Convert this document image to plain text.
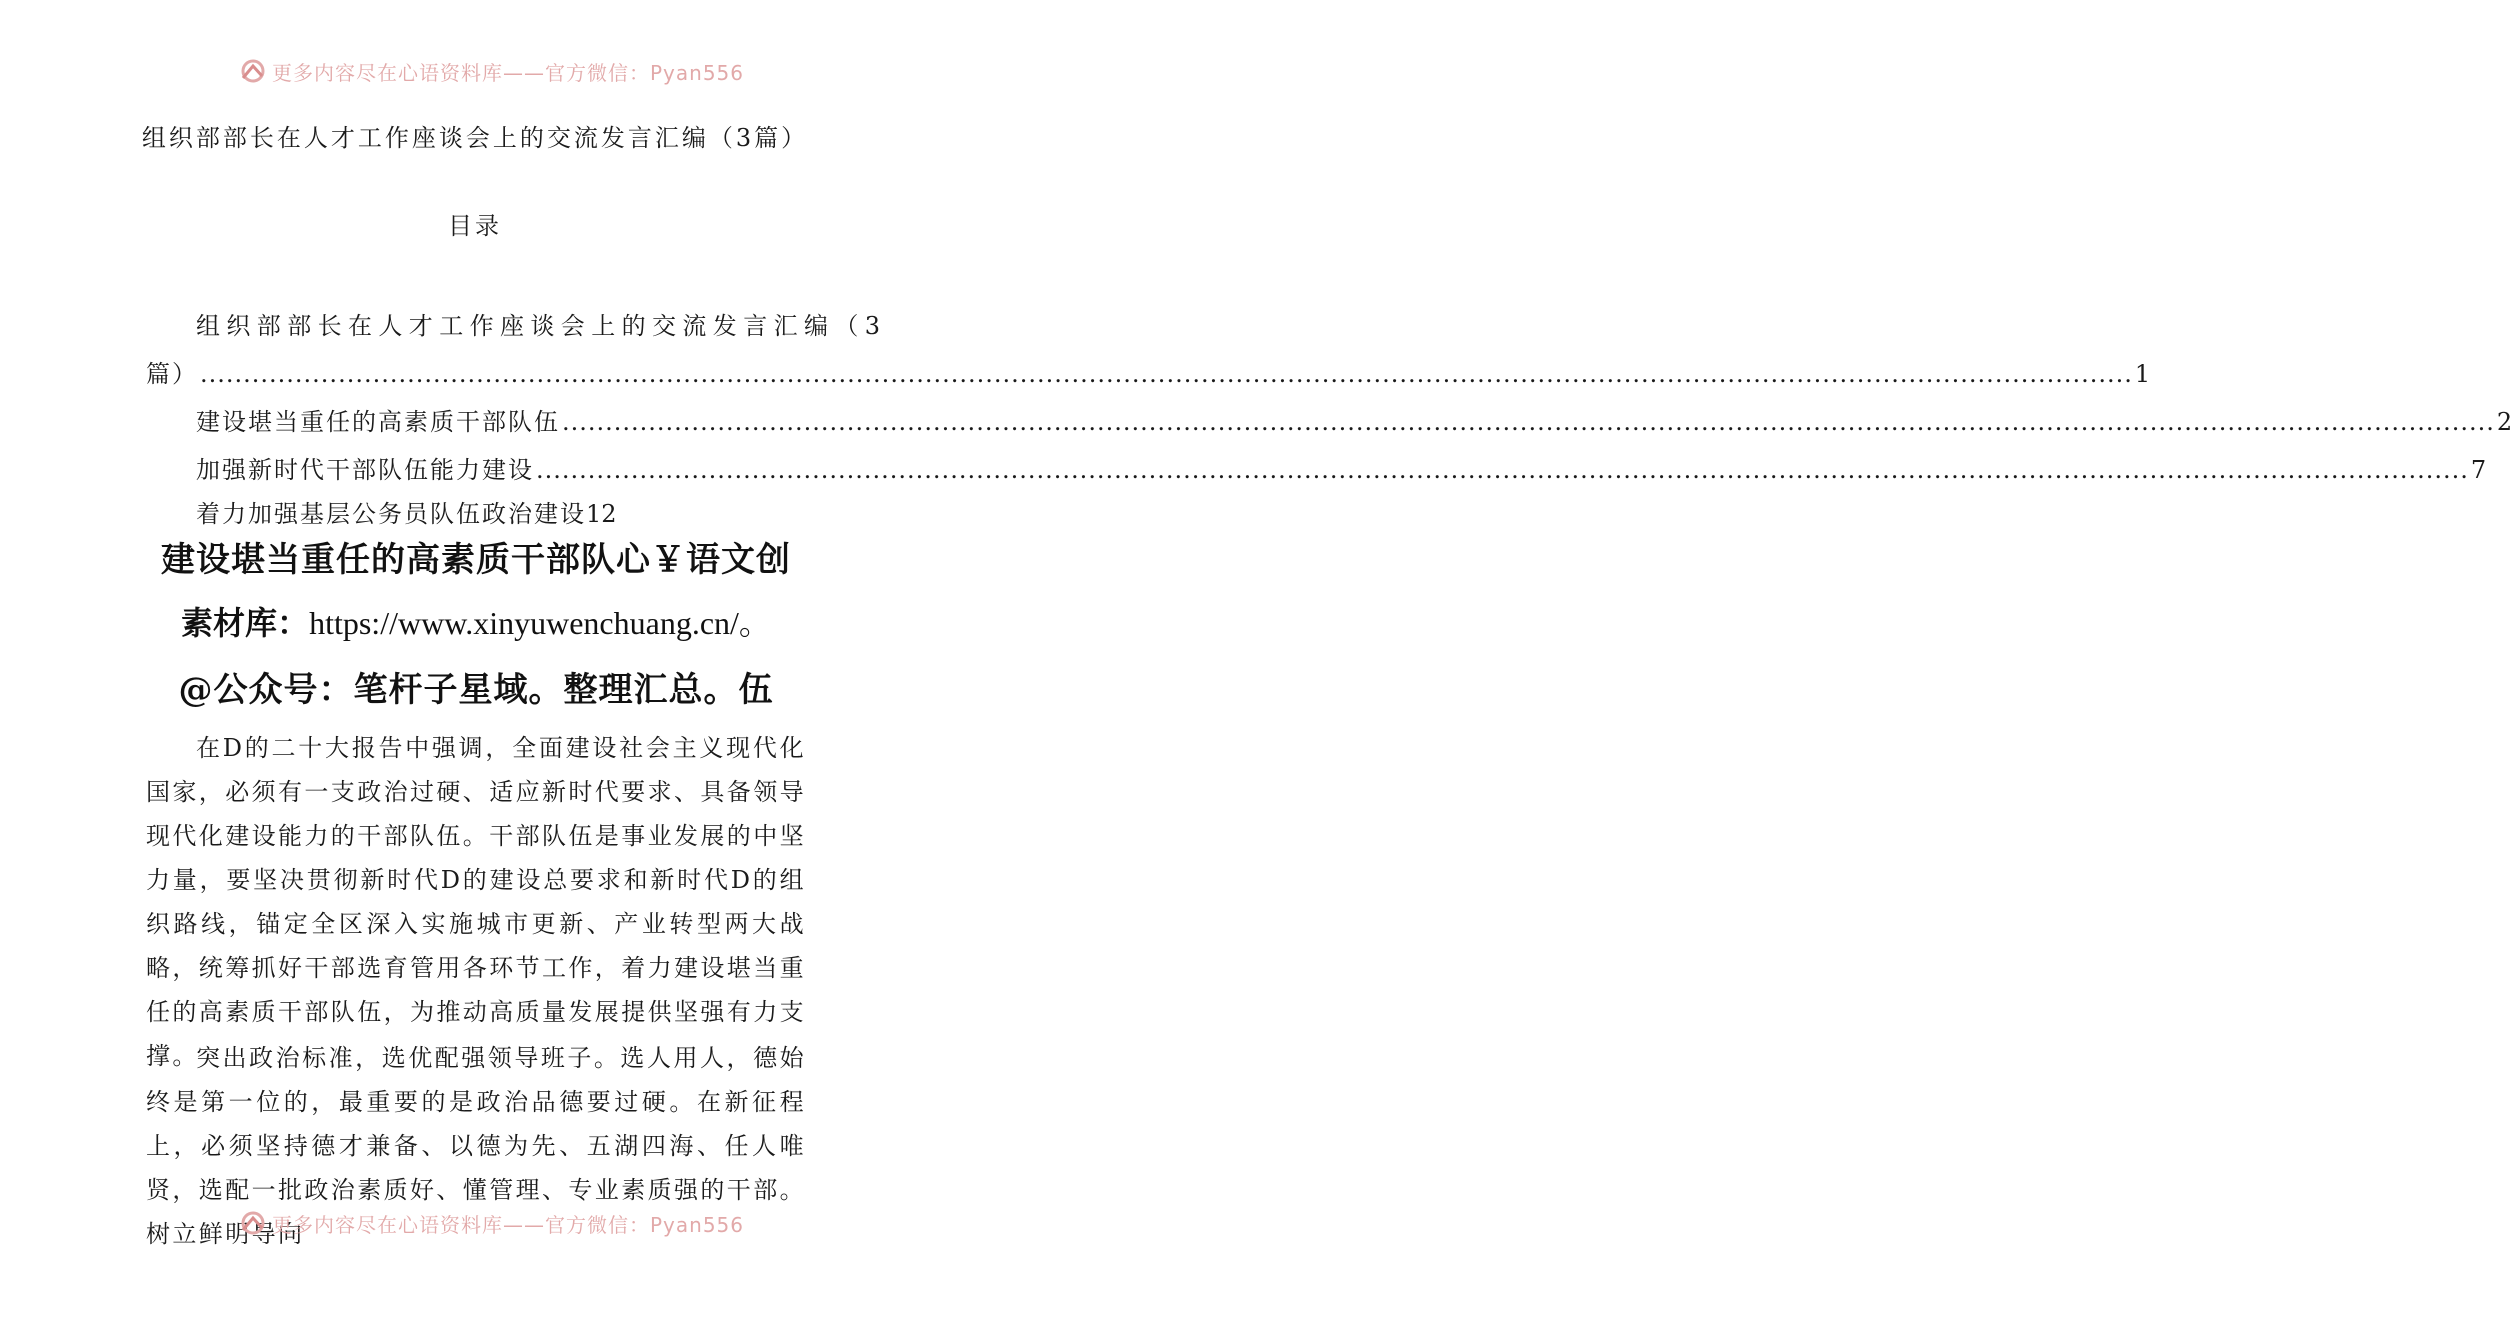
更多内容尽在心语资料库——官方微信：Pyan556
组织部部长在人才工作座谈会上的交流发言汇编（3篇）
目录
组织部部长在人才工作座谈会上的交流发言汇编（3
篇） .....	1
建设堪当重任的高素质干部队伍 .....	2
加强新时代干部队伍能力建设 .....	7
着力加强基层公务员队伍政治建设 12
建设堪当重任的高素质干部队心￥语文创
素材库：https://www.xinyuwenchuang.cn/。
@公众号：笔杆子星域。整理汇总。伍

在D的二十大报告中强调，全面建设社会主义现代化国家，必须有一支政治过硬、适应新时代要求、具备领导现代化建设能力的干部队伍。干部队伍是事业发展的中坚力量，要坚决贯彻新时代D的建设总要求和新时代D的组织路线，锚定全区深入实施城市更新、产业转型两大战略，统筹抓好干部选育管用各环节工作，着力建设堪当重任的高素质干部队伍，为推动高质量发展提供坚强有力支撑。

突出政治标准，选优配强领导班子。选人用人，德始终是第一位的，最重要的是政治品德要过硬。在新征程上，必须坚持德才兼备、以德为先、五湖四海、任人唯贤，选配一批政治素质好、懂管理、专业素质强的干部。树立鲜明导向

更多内容尽在心语资料库——官方微信：Pyan556
